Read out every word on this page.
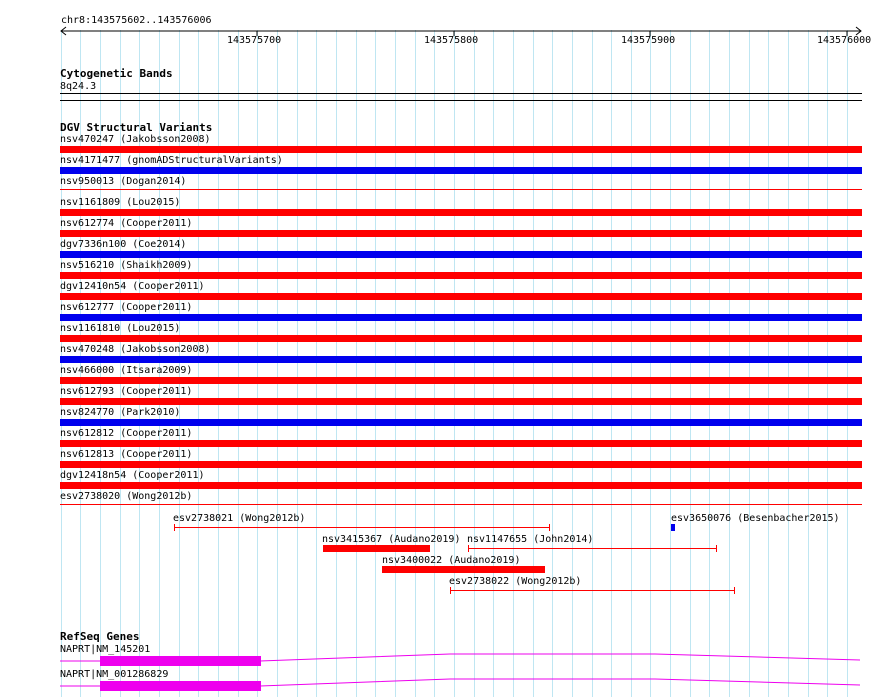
chr8:143575602..143576006
143575700	143575800	143575900	143576000
Cytogenetic Bands
8q24.3
DGV Structural Variants
nsv470247 (Jakobsson2008)
nsv4171477 (gnomADStructuralVariants)
nsv950013 (Dogan2014)
nsv1161809 (Lou2015)
nsv612774 (Cooper2011)
dgv7336n100 (Coe2014)
nsv516210 (Shaikh2009)
dgv12410n54 (Cooper2011)
nsv612777 (Cooper2011)
nsv1161810 (Lou2015)
nsv470248 (Jakobsson2008)
nsv466000 (Itsara2009)
nsv612793 (Cooper2011)
nsv824770 (Park2010)
nsv612812 (Cooper2011)
nsv612813 (Cooper2011)
dgv12418n54 (Cooper2011)
esv2738020 (Wong2012b)
esv2738021 (Wong2012b)	esv3650076 (Besenbacher2015)
nsv3415367 (Audano2019) nsv1147655 (John2014)
nsv3400022 (Audano2019)
esv2738022 (Wong2012b)
RefSeq Genes
NAPRT|NM_145201
NAPRT|NM_001286829
